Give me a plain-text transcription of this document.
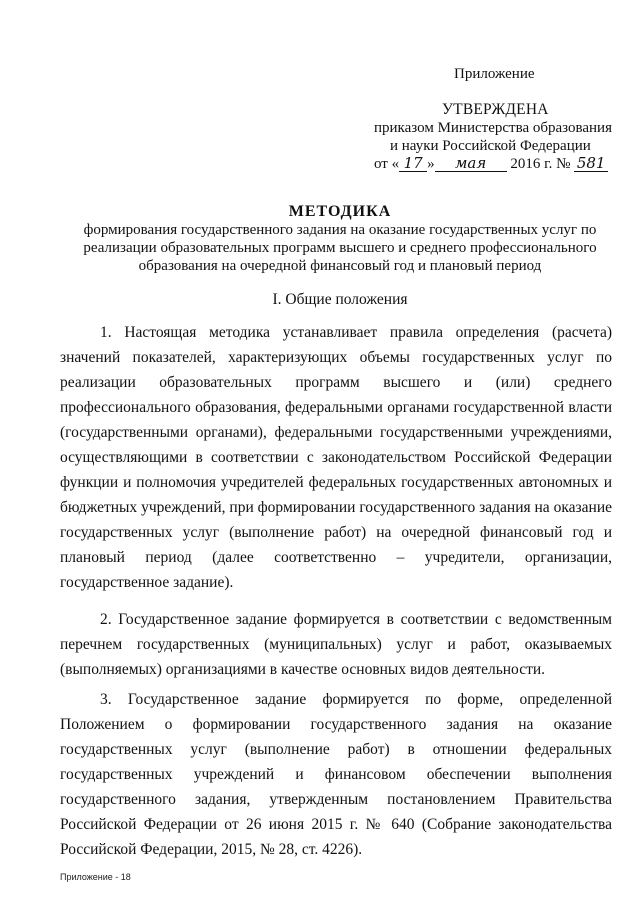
Приложение
УТВЕРЖДЕНА
приказом Министерства образования
и науки Российской Федерации
от « 17 » мая 2016 г. № 581
МЕТОДИКА
формирования государственного задания на оказание государственных услуг по реализации образовательных программ высшего и среднего профессионального образования на очередной финансовый год и плановый период
I. Общие положения

1. Настоящая методика устанавливает правила определения (расчета) значений показателей, характеризующих объемы государственных услуг по реализации образовательных программ высшего и (или) среднего профессионального образования, федеральными органами государственной власти (государственными органами), федеральными государственными учреждениями, осуществляющими в соответствии с законодательством Российской Федерации функции и полномочия учредителей федеральных государственных автономных и бюджетных учреждений, при формировании государственного задания на оказание государственных услуг (выполнение работ) на очередной финансовый год и плановый период (далее соответственно – учредители, организации, государственное задание).

2. Государственное задание формируется в соответствии с ведомственным перечнем государственных (муниципальных) услуг и работ, оказываемых (выполняемых) организациями в качестве основных видов деятельности.

3. Государственное задание формируется по форме, определенной Положением о формировании государственного задания на оказание государственных услуг (выполнение работ) в отношении федеральных государственных учреждений и финансовом обеспечении выполнения государственного задания, утвержденным постановлением Правительства Российской Федерации от 26 июня 2015 г. № 640 (Собрание законодательства Российской Федерации, 2015, № 28, ст. 4226).

Приложение - 18
